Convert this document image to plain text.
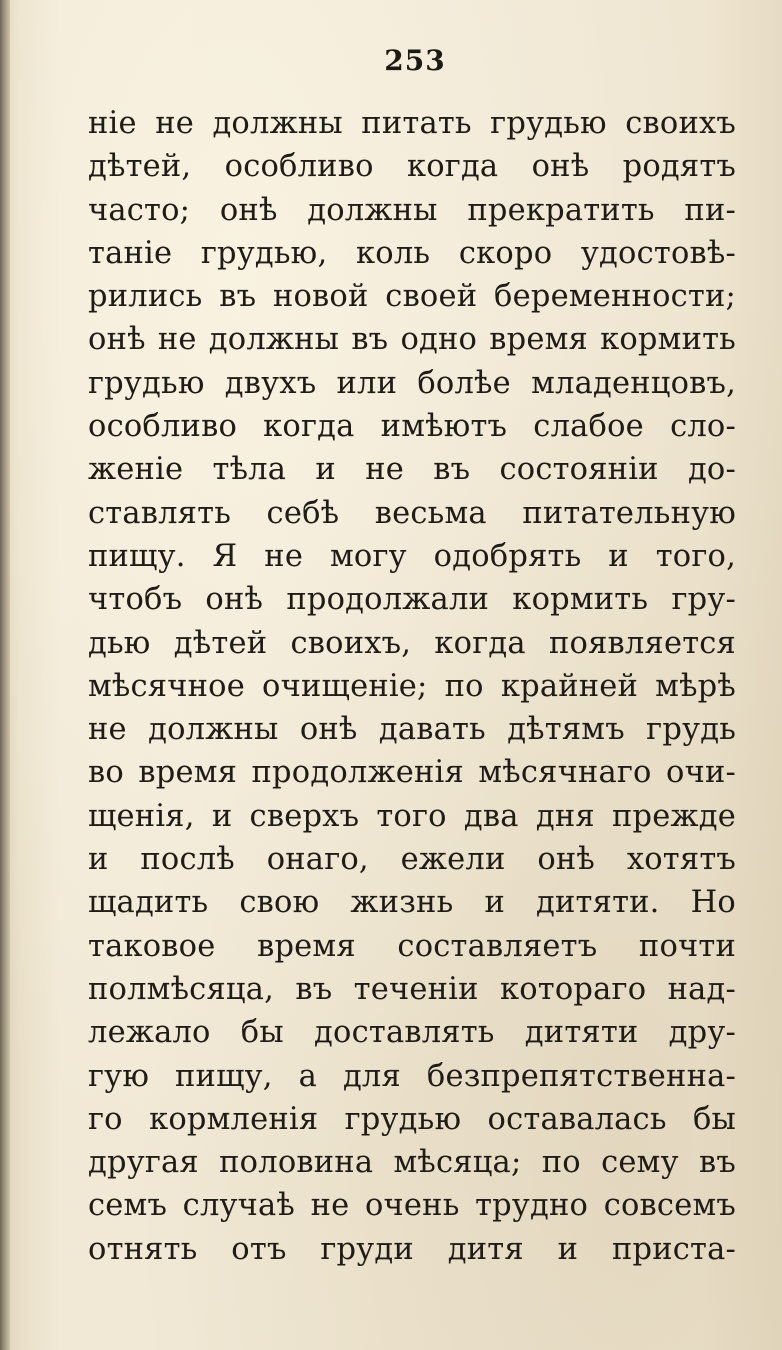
253
ніе не должны питать грудью своихъ
дѣтей, особливо когда онѣ родятъ
часто; онѣ должны прекратить пи-
таніе грудью, коль скоро удостовѣ-
рились въ новой своей беременности;
онѣ не должны въ одно время кормить
грудью двухъ или болѣе младенцовъ,
особливо когда имѣютъ слабое сло-
женіе тѣла и не въ состояніи до-
ставлять себѣ весьма питательную
пищу. Я не могу одобрять и того,
чтобъ онѣ продолжали кормить гру-
дью дѣтей своихъ, когда появляется
мѣсячное очищеніе; по крайней мѣрѣ
не должны онѣ давать дѣтямъ грудь
во время продолженія мѣсячнаго очи-
щенія, и сверхъ того два дня прежде
и послѣ онаго, ежели онѣ хотятъ
щадить свою жизнь и дитяти. Но
таковое время составляетъ почти
полмѣсяца, въ теченіи котораго над-
лежало бы доставлять дитяти дру-
гую пищу, а для безпрепятственна-
го кормленія грудью оставалась бы
другая половина мѣсяца; по сему въ
семъ случаѣ не очень трудно совсемъ
отнять отъ груди дитя и приста-
